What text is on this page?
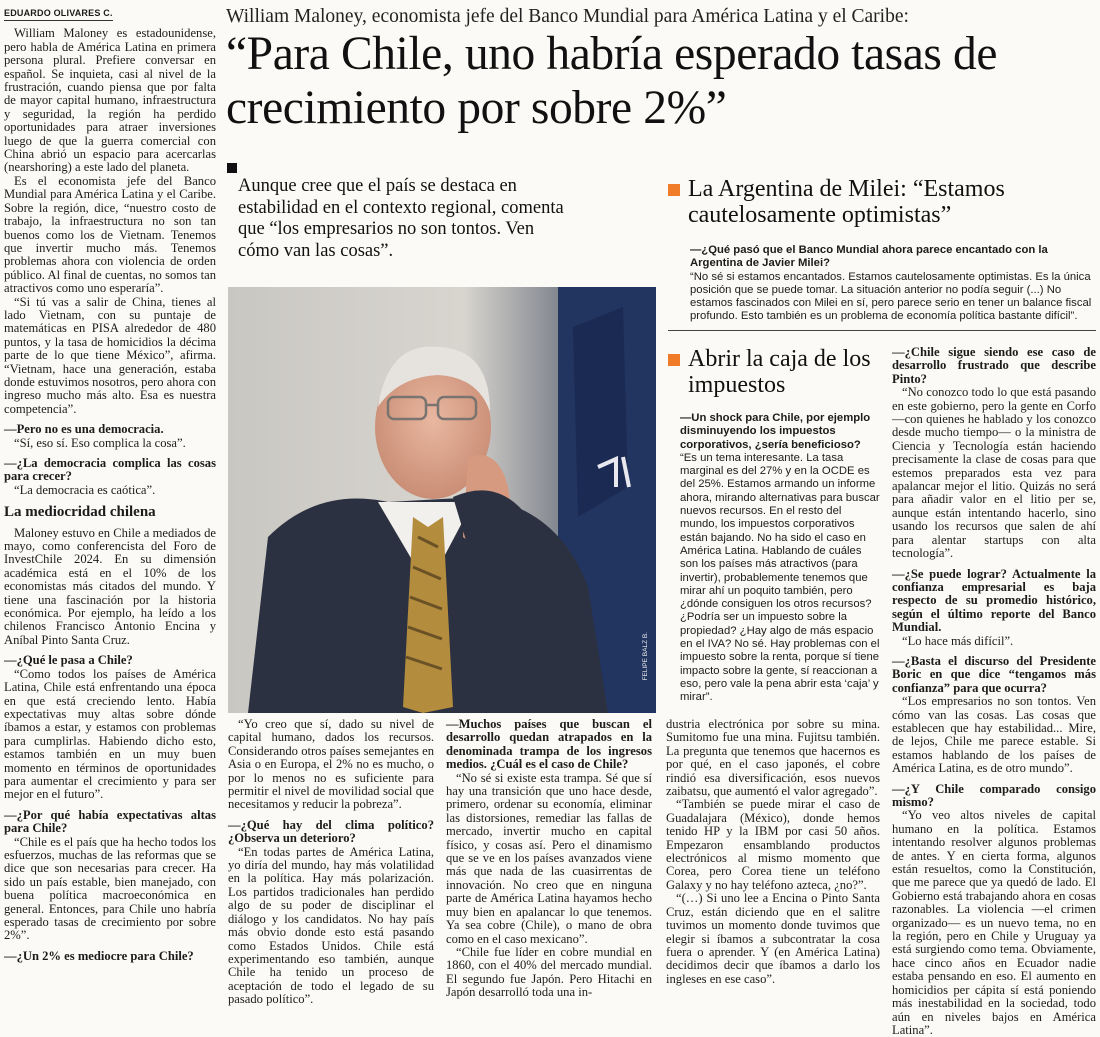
EDUARDO OLIVARES C.

William Maloney es estadounidense, pero habla de América Latina en primera persona plural. Prefiere conversar en español. Se inquieta, casi al nivel de la frustración, cuando piensa que por falta de mayor capital humano, infraestructura y seguridad, la región ha perdido oportunidades para atraer inversiones luego de que la guerra comercial con China abrió un espacio para acercarlas (nearshoring) a este lado del planeta.

Es el economista jefe del Banco Mundial para América Latina y el Caribe. Sobre la región, dice, “nuestro costo de trabajo, la infraestructura no son tan buenos como los de Vietnam. Tenemos que invertir mucho más. Tenemos problemas ahora con violencia de orden público. Al final de cuentas, no somos tan atractivos como uno esperaría”.

“Si tú vas a salir de China, tienes al lado Vietnam, con su puntaje de matemáticas en PISA alrededor de 480 puntos, y la tasa de homicidios la décima parte de lo que tiene México”, afirma. “Vietnam, hace una generación, estaba donde estuvimos nosotros, pero ahora con ingreso mucho más alto. Esa es nuestra competencia”.

—Pero no es una democracia.

“Sí, eso sí. Eso complica la cosa”.

—¿La democracia complica las cosas para crecer?

“La democracia es caótica”.

La mediocridad chilena

Maloney estuvo en Chile a mediados de mayo, como conferencista del Foro de InvestChile 2024. En su dimensión académica está en el 10% de los economistas más citados del mundo. Y tiene una fascinación por la historia económica. Por ejemplo, ha leído a los chilenos Francisco Antonio Encina y Aníbal Pinto Santa Cruz.

—¿Qué le pasa a Chile?

“Como todos los países de América Latina, Chile está enfrentando una época en que está creciendo lento. Había expectativas muy altas sobre dónde íbamos a estar, y estamos con problemas para cumplirlas. Habiendo dicho esto, estamos también en un muy buen momento en términos de oportunidades para aumentar el crecimiento y para ser mejor en el futuro”.

—¿Por qué había expectativas altas para Chile?

“Chile es el país que ha hecho todos los esfuerzos, muchas de las reformas que se dice que son necesarias para crecer. Ha sido un país estable, bien manejado, con buena política macroeconómica en general. Entonces, para Chile uno habría esperado tasas de crecimiento por sobre 2%”.

—¿Un 2% es mediocre para Chile?

William Maloney, economista jefe del Banco Mundial para América Latina y el Caribe:
“Para Chile, uno habría esperado tasas de crecimiento por sobre 2%”
Aunque cree que el país se destaca en estabilidad en el contexto regional, comenta que “los empresarios no son tontos. Ven cómo van las cosas”.
FELIPE BALZ B.
La Argentina de Milei: “Estamos cautelosamente optimistas”

—¿Qué pasó que el Banco Mundial ahora parece encantado con la Argentina de Javier Milei?

“No sé si estamos encantados. Estamos cautelosamente optimistas. Es la única posición que se puede tomar. La situación anterior no podía seguir (...) No estamos fascinados con Milei en sí, pero parece serio en tener un balance fiscal profundo. Esto también es un problema de economía política bastante difícil”.

Abrir la caja de los impuestos

—Un shock para Chile, por ejemplo disminuyendo los impuestos corporativos, ¿sería beneficioso?

“Es un tema interesante. La tasa marginal es del 27% y en la OCDE es del 25%. Estamos armando un informe ahora, mirando alternativas para buscar nuevos recursos. En el resto del mundo, los impuestos corporativos están bajando. No ha sido el caso en América Latina. Hablando de cuáles son los países más atractivos (para invertir), probablemente tenemos que mirar ahí un poquito también, pero ¿dónde consiguen los otros recursos? ¿Podría ser un impuesto sobre la propiedad? ¿Hay algo de más espacio en el IVA? No sé. Hay problemas con el impuesto sobre la renta, porque sí tiene impacto sobre la gente, sí reaccionan a eso, pero vale la pena abrir esta ‘caja’ y mirar”.

—¿Chile sigue siendo ese caso de desarrollo frustrado que describe Pinto?

“No conozco todo lo que está pasando en este gobierno, pero la gente en Corfo —con quienes he hablado y los conozco desde mucho tiempo— o la ministra de Ciencia y Tecnología están haciendo precisamente la clase de cosas para que estemos preparados esta vez para apalancar mejor el litio. Quizás no será para añadir valor en el litio per se, aunque están intentando hacerlo, sino usando los recursos que salen de ahí para alentar startups con alta tecnología”.

—¿Se puede lograr? Actualmente la confianza empresarial es baja respecto de su promedio histórico, según el último reporte del Banco Mundial.

“Lo hace más difícil”.

—¿Basta el discurso del Presidente Boric en que dice “tengamos más confianza” para que ocurra?

“Los empresarios no son tontos. Ven cómo van las cosas. Las cosas que establecen que hay estabilidad... Mire, de lejos, Chile me parece estable. Si estamos hablando de los países de América Latina, es de otro mundo”.

—¿Y Chile comparado consigo mismo?

“Yo veo altos niveles de capital humano en la política. Estamos intentando resolver algunos problemas de antes. Y en cierta forma, algunos están resueltos, como la Constitución, que me parece que ya quedó de lado. El Gobierno está trabajando ahora en cosas razonables. La violencia —el crimen organizado— es un nuevo tema, no en la región, pero en Chile y Uruguay ya está surgiendo como tema. Obviamente, hace cinco años en Ecuador nadie estaba pensando en eso. El aumento en homicidios per cápita sí está poniendo más inestabilidad en la sociedad, todo aún en niveles bajos en América Latina”.

“Yo creo que sí, dado su nivel de capital humano, dados los recursos. Considerando otros países semejantes en Asia o en Europa, el 2% no es mucho, o por lo menos no es suficiente para permitir el nivel de movilidad social que necesitamos y reducir la pobreza”.

—¿Qué hay del clima político? ¿Observa un deterioro?

“En todas partes de América Latina, yo diría del mundo, hay más volatilidad en la política. Hay más polarización. Los partidos tradicionales han perdido algo de su poder de disciplinar el diálogo y los candidatos. No hay país más obvio donde esto está pasando como Estados Unidos. Chile está experimentando eso también, aunque Chile ha tenido un proceso de aceptación de todo el legado de su pasado político”.

—Muchos países que buscan el desarrollo quedan atrapados en la denominada trampa de los ingresos medios. ¿Cuál es el caso de Chile?

“No sé si existe esta trampa. Sé que sí hay una transición que uno hace desde, primero, ordenar su economía, eliminar las distorsiones, remediar las fallas de mercado, invertir mucho en capital físico, y cosas así. Pero el dinamismo que se ve en los países avanzados viene más que nada de las cuasirrentas de innovación. No creo que en ninguna parte de América Latina hayamos hecho muy bien en apalancar lo que tenemos. Ya sea cobre (Chile), o mano de obra como en el caso mexicano”.

“Chile fue líder en cobre mundial en 1860, con el 40% del mercado mundial. El segundo fue Japón. Pero Hitachi en Japón desarrolló toda una in-

dustria electrónica por sobre su mina. Sumitomo fue una mina. Fujitsu también. La pregunta que tenemos que hacernos es por qué, en el caso japonés, el cobre rindió esa diversificación, esos nuevos zaibatsu, que aumentó el valor agregado”.

“También se puede mirar el caso de Guadalajara (México), donde hemos tenido HP y la IBM por casi 50 años. Empezaron ensamblando productos electrónicos al mismo momento que Corea, pero Corea tiene un teléfono Galaxy y no hay teléfono azteca, ¿no?”.

“(…) Si uno lee a Encina o Pinto Santa Cruz, están diciendo que en el salitre tuvimos un momento donde tuvimos que elegir si íbamos a subcontratar la cosa fuera o aprender. Y (en América Latina) decidimos decir que íbamos a darlo los ingleses en ese caso”.
